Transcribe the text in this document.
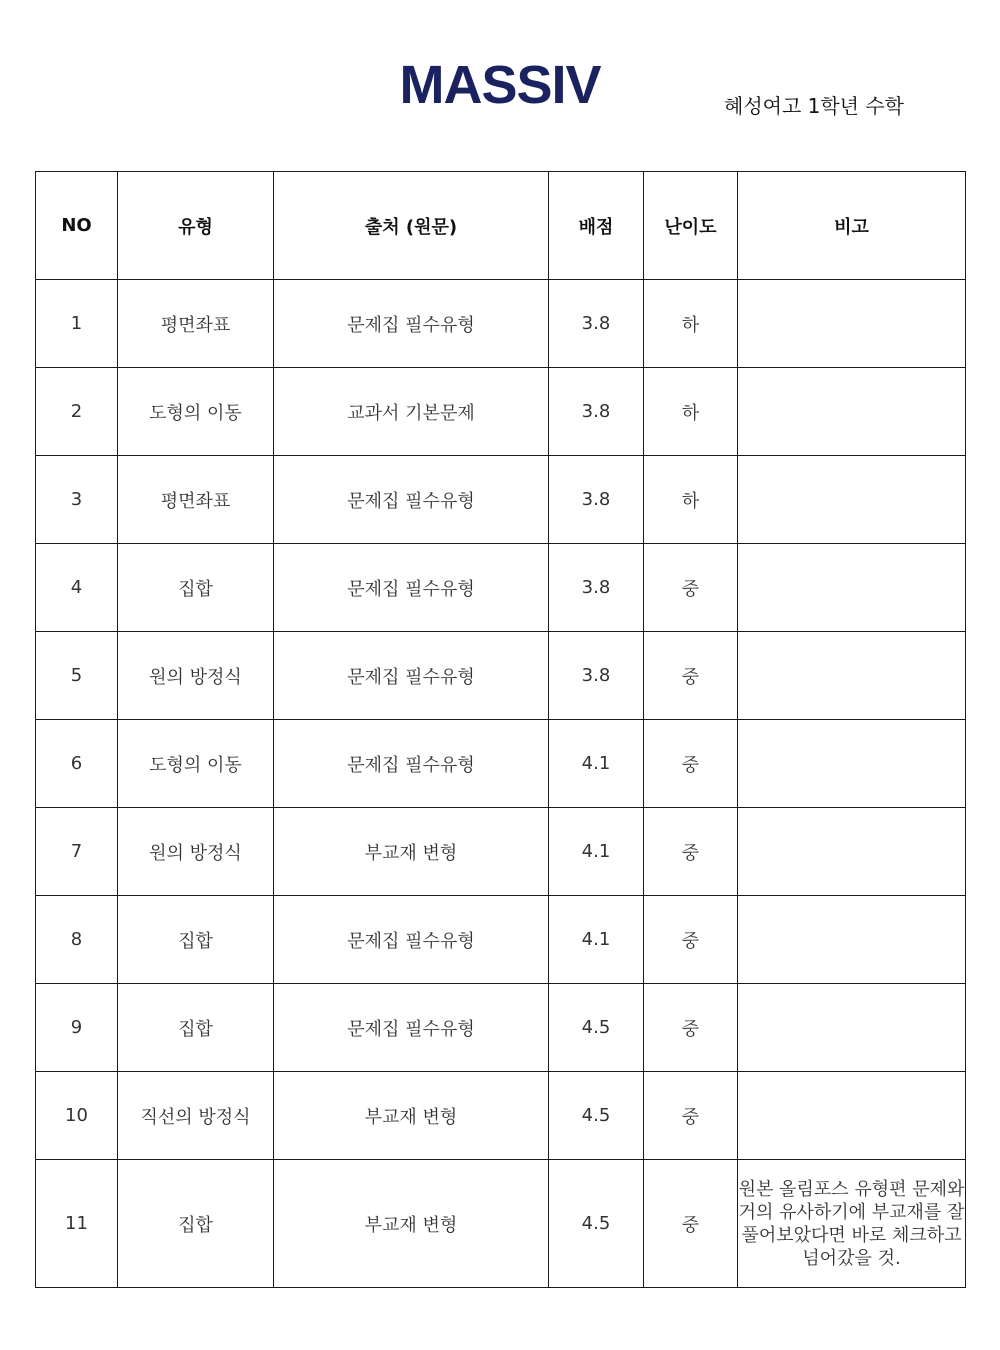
MASSIV	혜성여고 1학년 수학
NO	유형	출처 (원문)	배점	난이도	비고
1	평면좌표	문제집 필수유형	3.8	하	
2	도형의 이동	교과서 기본문제	3.8	하	
3	평면좌표	문제집 필수유형	3.8	하	
4	집합	문제집 필수유형	3.8	중	
5	원의 방정식	문제집 필수유형	3.8	중	
6	도형의 이동	문제집 필수유형	4.1	중	
7	원의 방정식	부교재 변형	4.1	중	
8	집합	문제집 필수유형	4.1	중	
9	집합	문제집 필수유형	4.5	중	
10	직선의 방정식	부교재 변형	4.5	중	
11	집합	부교재 변형	4.5	중	원본 올림포스 유형편 문제와 거의 유사하기에 부교재를 잘 풀어보았다면 바로 체크하고 넘어갔을 것.
